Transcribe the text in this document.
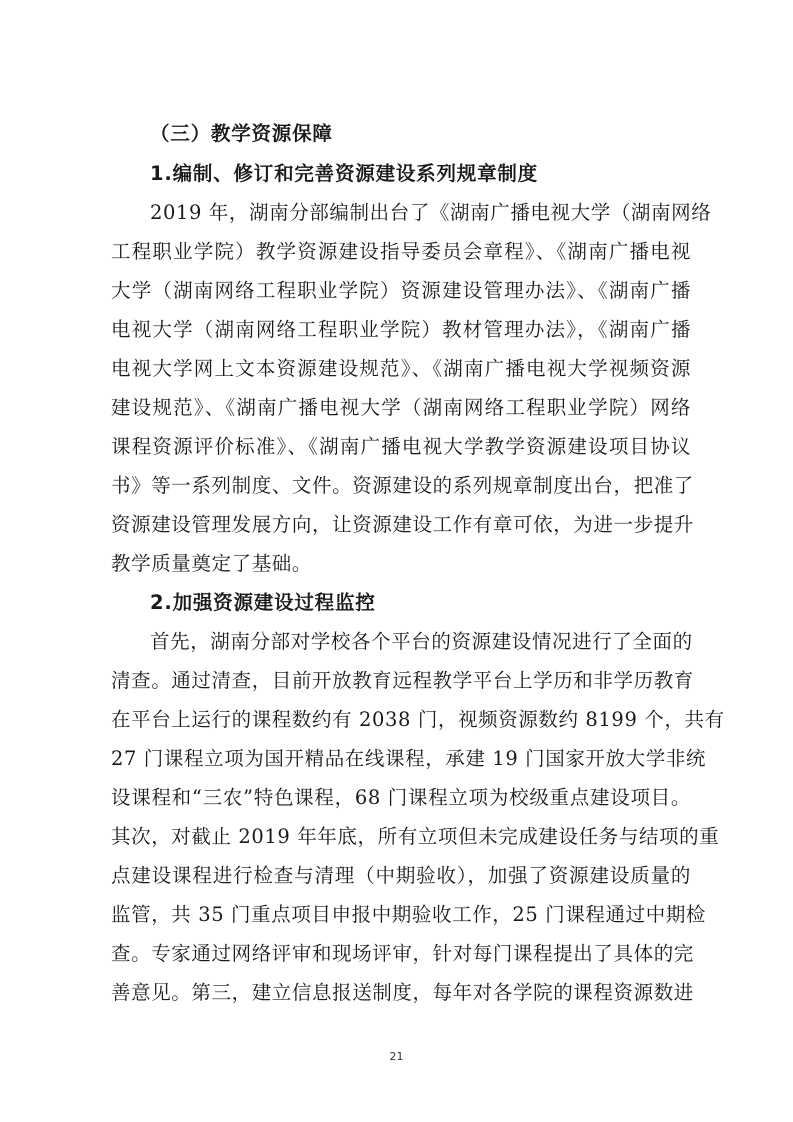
（三）教学资源保障
1.编制、修订和完善资源建设系列规章制度
2019 年，湖南分部编制出台了《湖南广播电视大学（湖南网络
工程职业学院）教学资源建设指导委员会章程》、《湖南广播电视
大学（湖南网络工程职业学院）资源建设管理办法》、《湖南广播
电视大学（湖南网络工程职业学院）教材管理办法》，《湖南广播
电视大学网上文本资源建设规范》、《湖南广播电视大学视频资源
建设规范》、《湖南广播电视大学（湖南网络工程职业学院）网络
课程资源评价标准》、《湖南广播电视大学教学资源建设项目协议
书》等一系列制度、文件。资源建设的系列规章制度出台，把准了
资源建设管理发展方向，让资源建设工作有章可依，为进一步提升
教学质量奠定了基础。
2.加强资源建设过程监控
首先，湖南分部对学校各个平台的资源建设情况进行了全面的
清查。通过清查，目前开放教育远程教学平台上学历和非学历教育
在平台上运行的课程数约有 2038 门，视频资源数约 8199 个，共有
27 门课程立项为国开精品在线课程，承建 19 门国家开放大学非统
设课程和“三农”特色课程，68 门课程立项为校级重点建设项目。
其次，对截止 2019 年年底，所有立项但未完成建设任务与结项的重
点建设课程进行检查与清理（中期验收），加强了资源建设质量的
监管，共 35 门重点项目申报中期验收工作，25 门课程通过中期检
查。专家通过网络评审和现场评审，针对每门课程提出了具体的完
善意见。第三，建立信息报送制度，每年对各学院的课程资源数进
21
